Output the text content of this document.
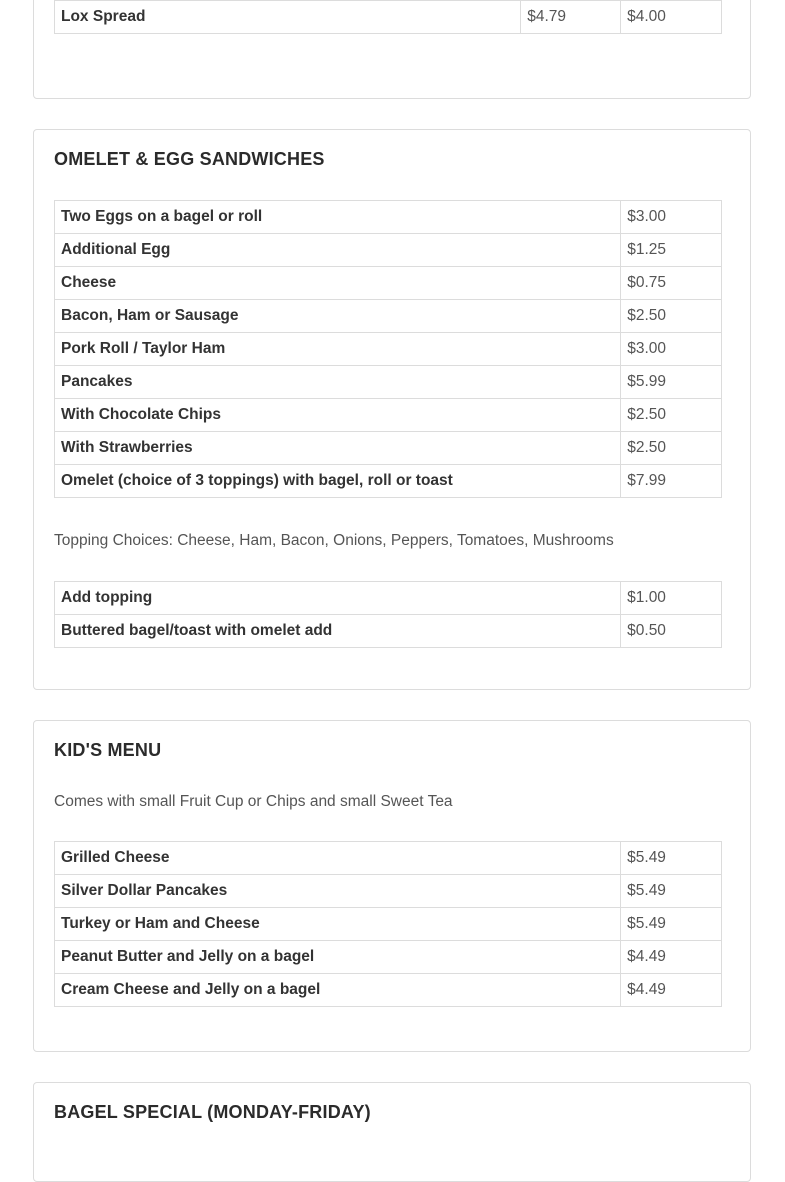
Lox Spread	$4.79	$4.00
OMELET & EGG SANDWICHES
Two Eggs on a bagel or roll	$3.00
Additional Egg	$1.25
Cheese	$0.75
Bacon, Ham or Sausage	$2.50
Pork Roll / Taylor Ham	$3.00
Pancakes	$5.99
With Chocolate Chips	$2.50
With Strawberries	$2.50
Omelet (choice of 3 toppings) with bagel, roll or toast	$7.99

Topping Choices: Cheese, Ham, Bacon, Onions, Peppers, Tomatoes, Mushrooms

Add topping	$1.00
Buttered bagel/toast with omelet add	$0.50
KID'S MENU

Comes with small Fruit Cup or Chips and small Sweet Tea

Grilled Cheese	$5.49
Silver Dollar Pancakes	$5.49
Turkey or Ham and Cheese	$5.49
Peanut Butter and Jelly on a bagel	$4.49
Cream Cheese and Jelly on a bagel	$4.49
BAGEL SPECIAL (MONDAY-FRIDAY)
